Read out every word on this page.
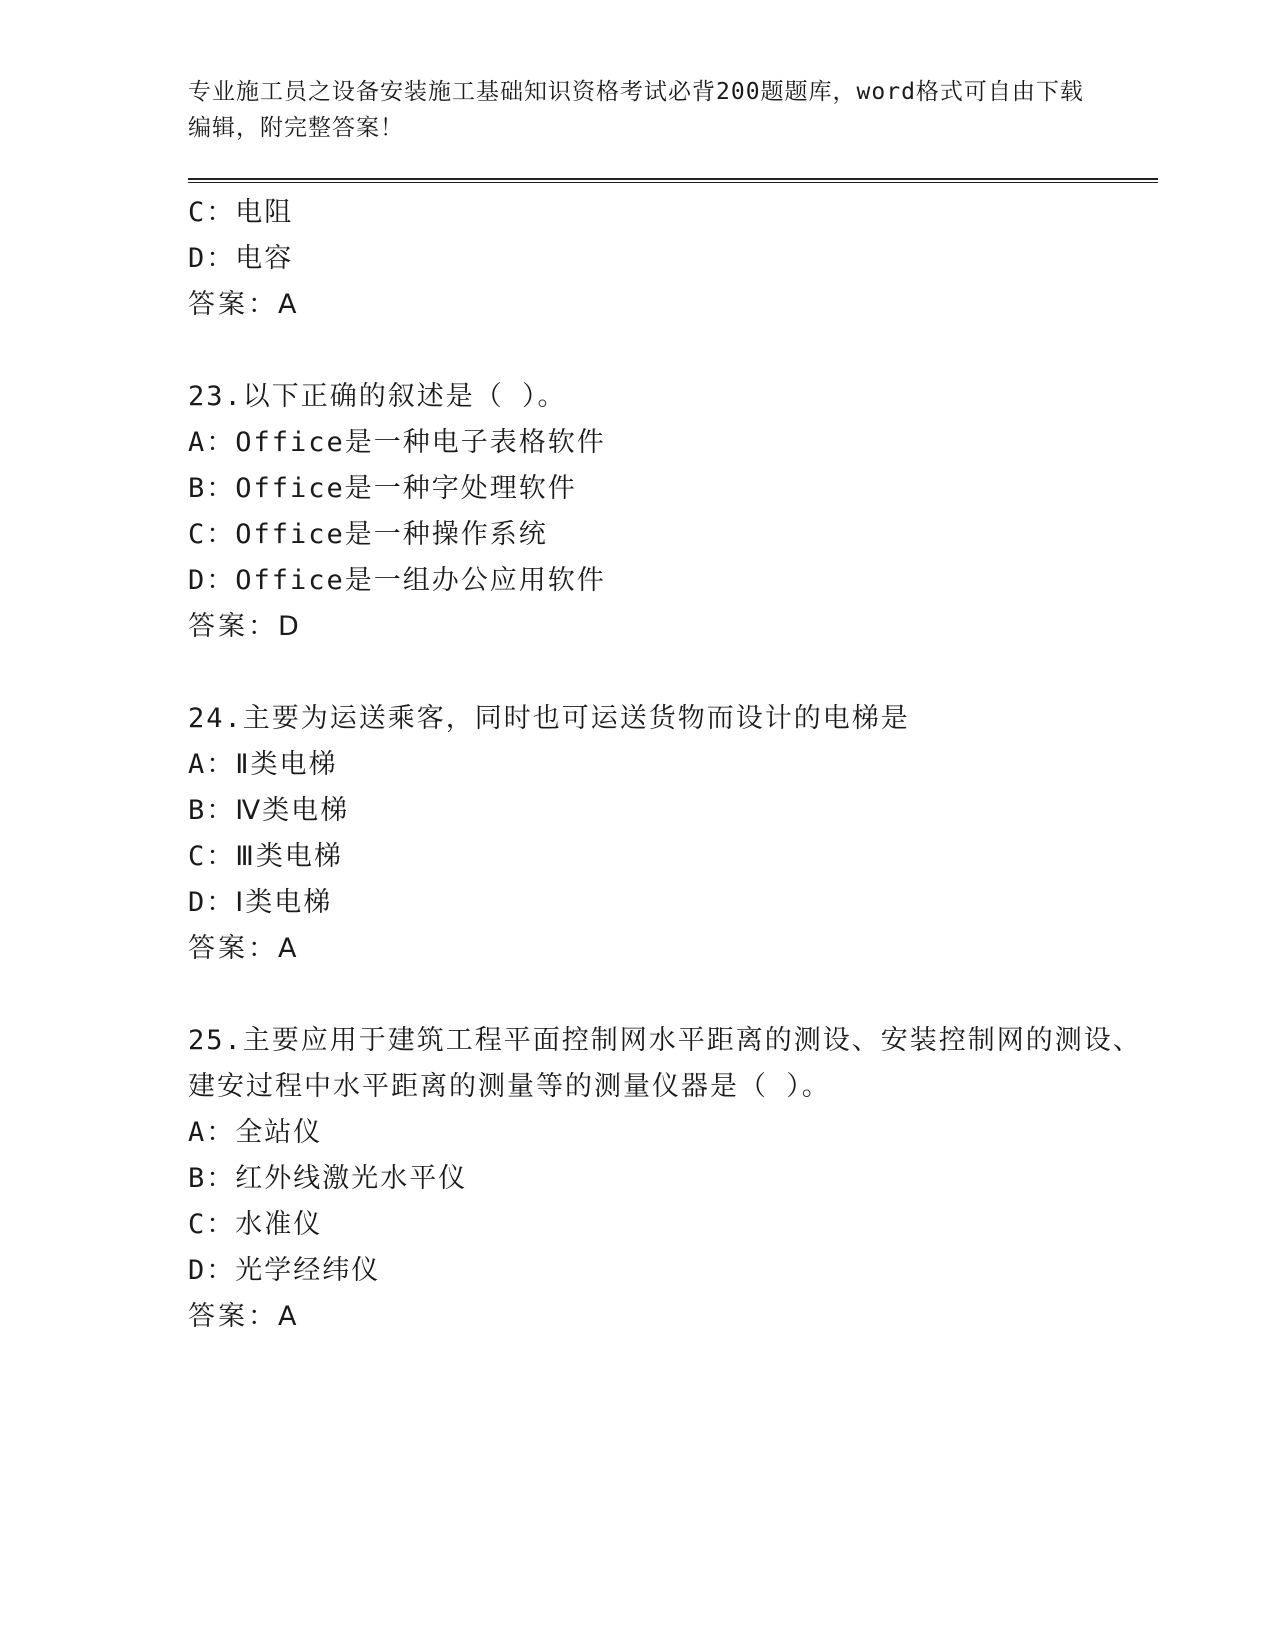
专业施工员之设备安装施工基础知识资格考试必背200题题库，word格式可自由下载编辑，附完整答案！
C：电阻
D：电容
答案：A
23.以下正确的叙述是（ ）。
A：Office是一种电子表格软件
B：Office是一种字处理软件
C：Office是一种操作系统
D：Office是一组办公应用软件
答案：D
24.主要为运送乘客，同时也可运送货物而设计的电梯是
A：Ⅱ类电梯
B：Ⅳ类电梯
C：Ⅲ类电梯
D：Ⅰ类电梯
答案：A
25.主要应用于建筑工程平面控制网水平距离的测设、安装控制网的测设、建安过程中水平距离的测量等的测量仪器是（ ）。
A：全站仪
B：红外线激光水平仪
C：水准仪
D：光学经纬仪
答案：A
